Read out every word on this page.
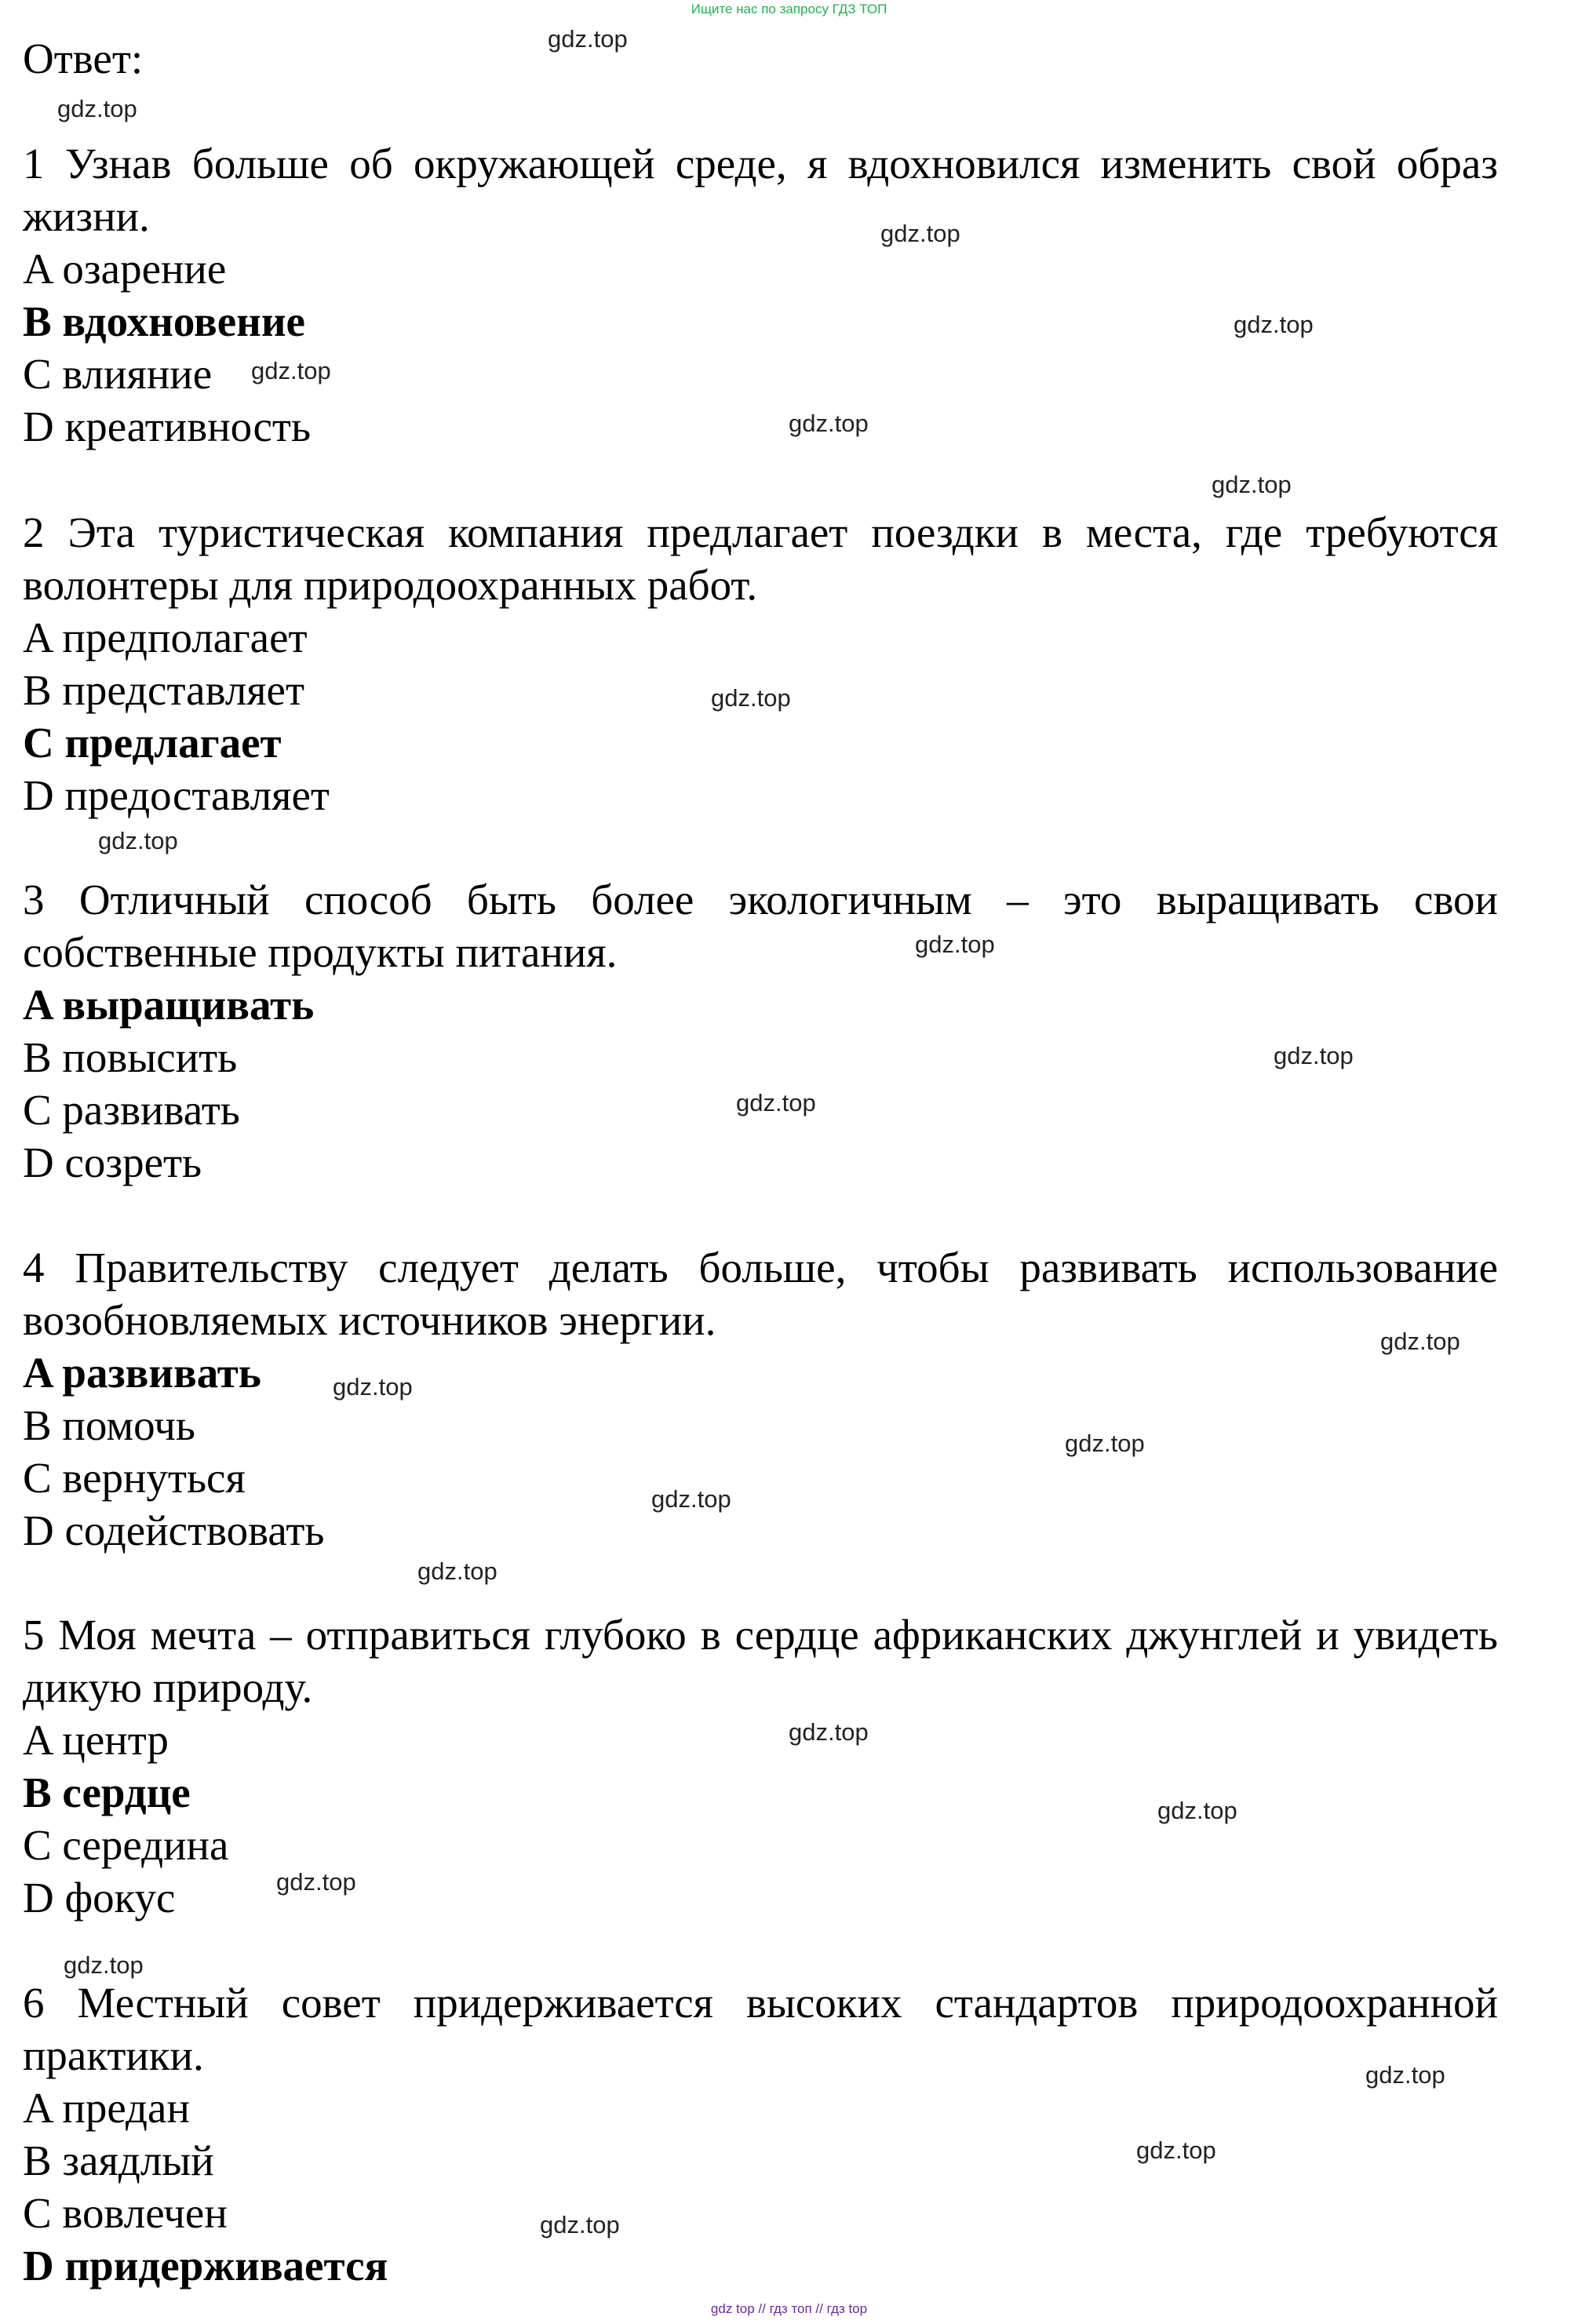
Ищите нас по запросу ГДЗ ТОП
Ответ:
1 Узнав больше об окружающей среде, я вдохновился изменить свой образ жизни.
A озарение
B вдохновение
C влияние
D креативность
2 Эта туристическая компания предлагает поездки в места, где требуются волонтеры для природоохранных работ.
A предполагает
B представляет
C предлагает
D предоставляет
3 Отличный способ быть более экологичным – это выращивать свои собственные продукты питания.
A выращивать
B повысить
C развивать
D созреть
4 Правительству следует делать больше, чтобы развивать использование возобновляемых источников энергии.
A развивать
B помочь
C вернуться
D содействовать
5 Моя мечта – отправиться глубоко в сердце африканских джунглей и увидеть дикую природу.
A центр
B сердце
C середина
D фокус
6 Местный совет придерживается высоких стандартов природоохранной практики.
A предан
B заядлый
C вовлечен
D придерживается
gdz.top
gdz.top
gdz.top
gdz.top
gdz.top
gdz.top
gdz.top
gdz.top
gdz.top
gdz.top
gdz.top
gdz.top
gdz.top
gdz.top
gdz.top
gdz.top
gdz.top
gdz.top
gdz.top
gdz.top
gdz.top
gdz.top
gdz.top
gdz.top
gdz top // гдз топ // гдз top
